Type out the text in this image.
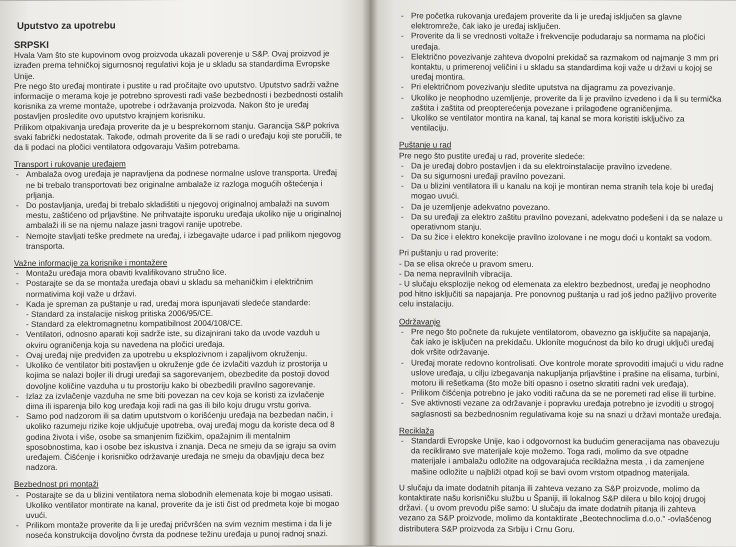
Uputstvo za upotrebu
SRPSKI

Hvala Vam što ste kupovinom ovog proizvoda ukazali poverenje u S&P. Ovaj proizvod je izrađen prema tehničkoj sigurnosnoj regulativi koja je u skladu sa standardima Evropske Unije.

Pre nego što uređaj montirate i pustite u rad pročitajte ovo uputstvo. Uputstvo sadrži važne informacije o merama koje je potrebno sprovesti radi vaše bezbednosti i bezbednosti ostalih korisnika za vreme montaže, upotrebe i održavanja proizvoda. Nakon što je uređaj postavljen prosledite ovo uputstvo krajnjem korisniku.

Prilikom otpakivanja uređaja proverite da je u besprekornom stanju. Garancija S&P pokriva svaki fabrički nedostatak. Takođe, odmah proverite da li se radi o uređaju koji ste poručili, te da li podaci na pločici ventilatora odgovaraju Vašim potrebama.

Transport i rukovanje uređajem
- Ambalaža ovog uređaja je napravljena da podnese normalne uslove transporta. Uređaj ne bi trebalo transportovati bez originalne ambalaže iz razloga mogućih oštećenja i prljanja.
- Do postavljanja, uređaj bi trebalo skladištiti u njegovoj originalnoj ambalaži na suvom mestu, zaštićeno od prljavštine. Ne prihvatajte isporuku uređaja ukoliko nije u originalnoj ambalaži ili se na njemu nalaze jasni tragovi ranije upotrebe.
- Nemojte stavljati teške predmete na uređaj, i izbegavajte udarce i pad prilikom njegovog transporta.
Važne informacije za korisnike i montažere
- Montažu uređaja mora obaviti kvalifikovano stručno lice.
- Postarajte se da se montaža uređaja obavi u skladu sa mehaničkim i električnim normativima koji važe u državi.
- Kada je spreman za puštanje u rad, uređaj mora ispunjavati sledeće standarde:
- Standard za instalacije niskog pritiska 2006/95/CE.
- Standard za elektromagnetnu kompatibilnost 2004/108/CE.
- Ventilatori, odnosno aparati koji sadrže iste, su dizajnirani tako da uvode vazduh u okviru ograničenja koja su navedena na pločici uređaja.
- Ovaj uređaj nije predviđen za upotrebu u eksplozivnom i zapaljivom okruženju.
- Ukoliko će ventilator biti postavljen u okruženje gde će izvlačiti vazduh iz prostorija u kojima se nalazi bojler ili drugi uređaji sa sagorevanjem, obezbedite da postoji dovod dovoljne količine vazduha u tu prostoriju kako bi obezbedili pravilno sagorevanje.
- Izlaz za izvlačenje vazduha ne sme biti povezan na cev koja se koristi za izvlačenje dima ili isparenja bilo kog uređaja koji radi na gas ili bilo koju drugu vrstu goriva.
- Samo pod nadzorom ili sa datim uputstvom o korišćenju uređaja na bezbedan način, i ukoliko razumeju rizike koje uključuje upotreba, ovaj uređaj mogu da koriste deca od 8 godina života i više, osobe sa smanjenim fizičkim, opažajnim ili mentalnim sposobnostima, kao i osobe bez iskustva i znanja. Deca ne smeju da se igraju sa ovim uređajem. Čišćenje i korisničko održavanje uređaja ne smeju da obavljaju deca bez nadzora.
Bezbednost pri montaži
- Postarajte se da u blizini ventilatora nema slobodnih elemenata koje bi mogao usisati. Ukoliko ventilator montirate na kanal, proverite da je isti čist od predmeta koje bi mogao uvući.
- Prilikom montaže proverite da li je uređaj pričvršćen na svim veznim mestima i da li je noseća konstrukcija dovoljno čvrsta da podnese težinu uređaja u punoj radnoj snazi.
- Pre početka rukovanja uređajem proverite da li je uređaj isključen sa glavne elektromreže, čak iako je uređaj isključen.
- Proverite da li se vrednosti voltaže i frekvencije podudaraju sa normama na pločici uređaja.
- Električno povezivanje zahteva dvopolni prekidač sa razmakom od najmanje 3 mm pri kontaktu, u primerenoj veličini i u skladu sa standardima koji važe u državi u kojoj se uređaj montira.
- Pri električnom povezivanju sledite uputstva na dijagramu za povezivanje.
- Ukoliko je neophodno uzemljenje, proverite da li je pravilno izvedeno i da li su termička zaštita i zaštita od preopterećenja povezane i prilagođene ograničenjima.
- Ukoliko se ventilator montira na kanal, taj kanal se mora koristiti isključivo za ventilaciju.
Puštanje u rad
Pre nego što pustite uređaj u rad, proverite sledeće:
- Da je uređaj dobro postavljen i da su elektroinstalacije pravilno izvedene.
- Da su sigurnosni uređaji pravilno povezani.
- Da u blizini ventilatora ili u kanalu na koji je montiran nema stranih tela koje bi uređaj mogao uvući.
- Da je uzemljenje adekvatno povezano.
- Da su uređaji za elektro zaštitu pravilno povezani, adekvatno podešeni i da se nalaze u operativnom stanju.
- Da su žice i elektro konekcije pravilno izolovane i ne mogu doći u kontakt sa vodom.
Pri puštanju u rad proverite:
- Da se elisa okreće u pravom smeru.
- Da nema nepravilnih vibracija.
- U slučaju eksplozije nekog od elemenata za elektro bezbednost, uređaj je neophodno pod hitno isključiti sa napajanja. Pre ponovnog puštanja u rad još jedno pažljivo proverite celu instalaciju.
Održavanje
- Pre nego što počnete da rukujete ventilatorom, obavezno ga isključite sa napajanja, čak iako je isključen na prekidaču. Ukloníte mogućnost da bilo ko drugi uključi uređaj dok vršite održavanje.
- Uređaj morate redovno kontrolisati. Ove kontrole morate sprovoditi imajući u vidu radne uslove uređaja, u cilju izbegavanja nakupljanja prljavštine i prašine na elisama, turbini, motoru ili rešetkama (što može biti opasno i osetno skratiti radni vek uređaja).
- Prilikom čišćenja potrebno je jako voditi računa da se ne poremeti rad elise ili turbine.
- Sve aktivnosti vezane za održavanje i popravku uređaja potrebno je izvoditi u strogoj saglasnosti sa bezbednosnim regulativama koje su na snazi u državi montaže uređaja.
Reciklaža
- Standardi Evropske Unije, kao i odgovornost ka budućim generacijama nas obavezuju da reciklirамо sve materijale koje možemo. Toga radi, molimo da sve otpadne materijale i ambalažu odložite na odgovarajuća reciklažna mesta , i da zamenjene mašine odložite u najbliži otpad koji se bavi ovom vrstom otpadnog materijala.

U slučaju da imate dodatnih pitanja ili zahteva vezano za S&P proizvode, molimo da kontaktirate našu korisničku službu u Španiji, ili lokalnog S&P dilera u bilo kojoj drugoj državi. ( u ovom prevodu piše samo: U slučaju da imate dodatnih pitanja ili zahteva vezano za S&P proizvode, molimo da kontaktirate „Beotechnoclima d.o.o." -ovlašćenog distributera S&P proizvoda za Srbiju i Crnu Goru.
